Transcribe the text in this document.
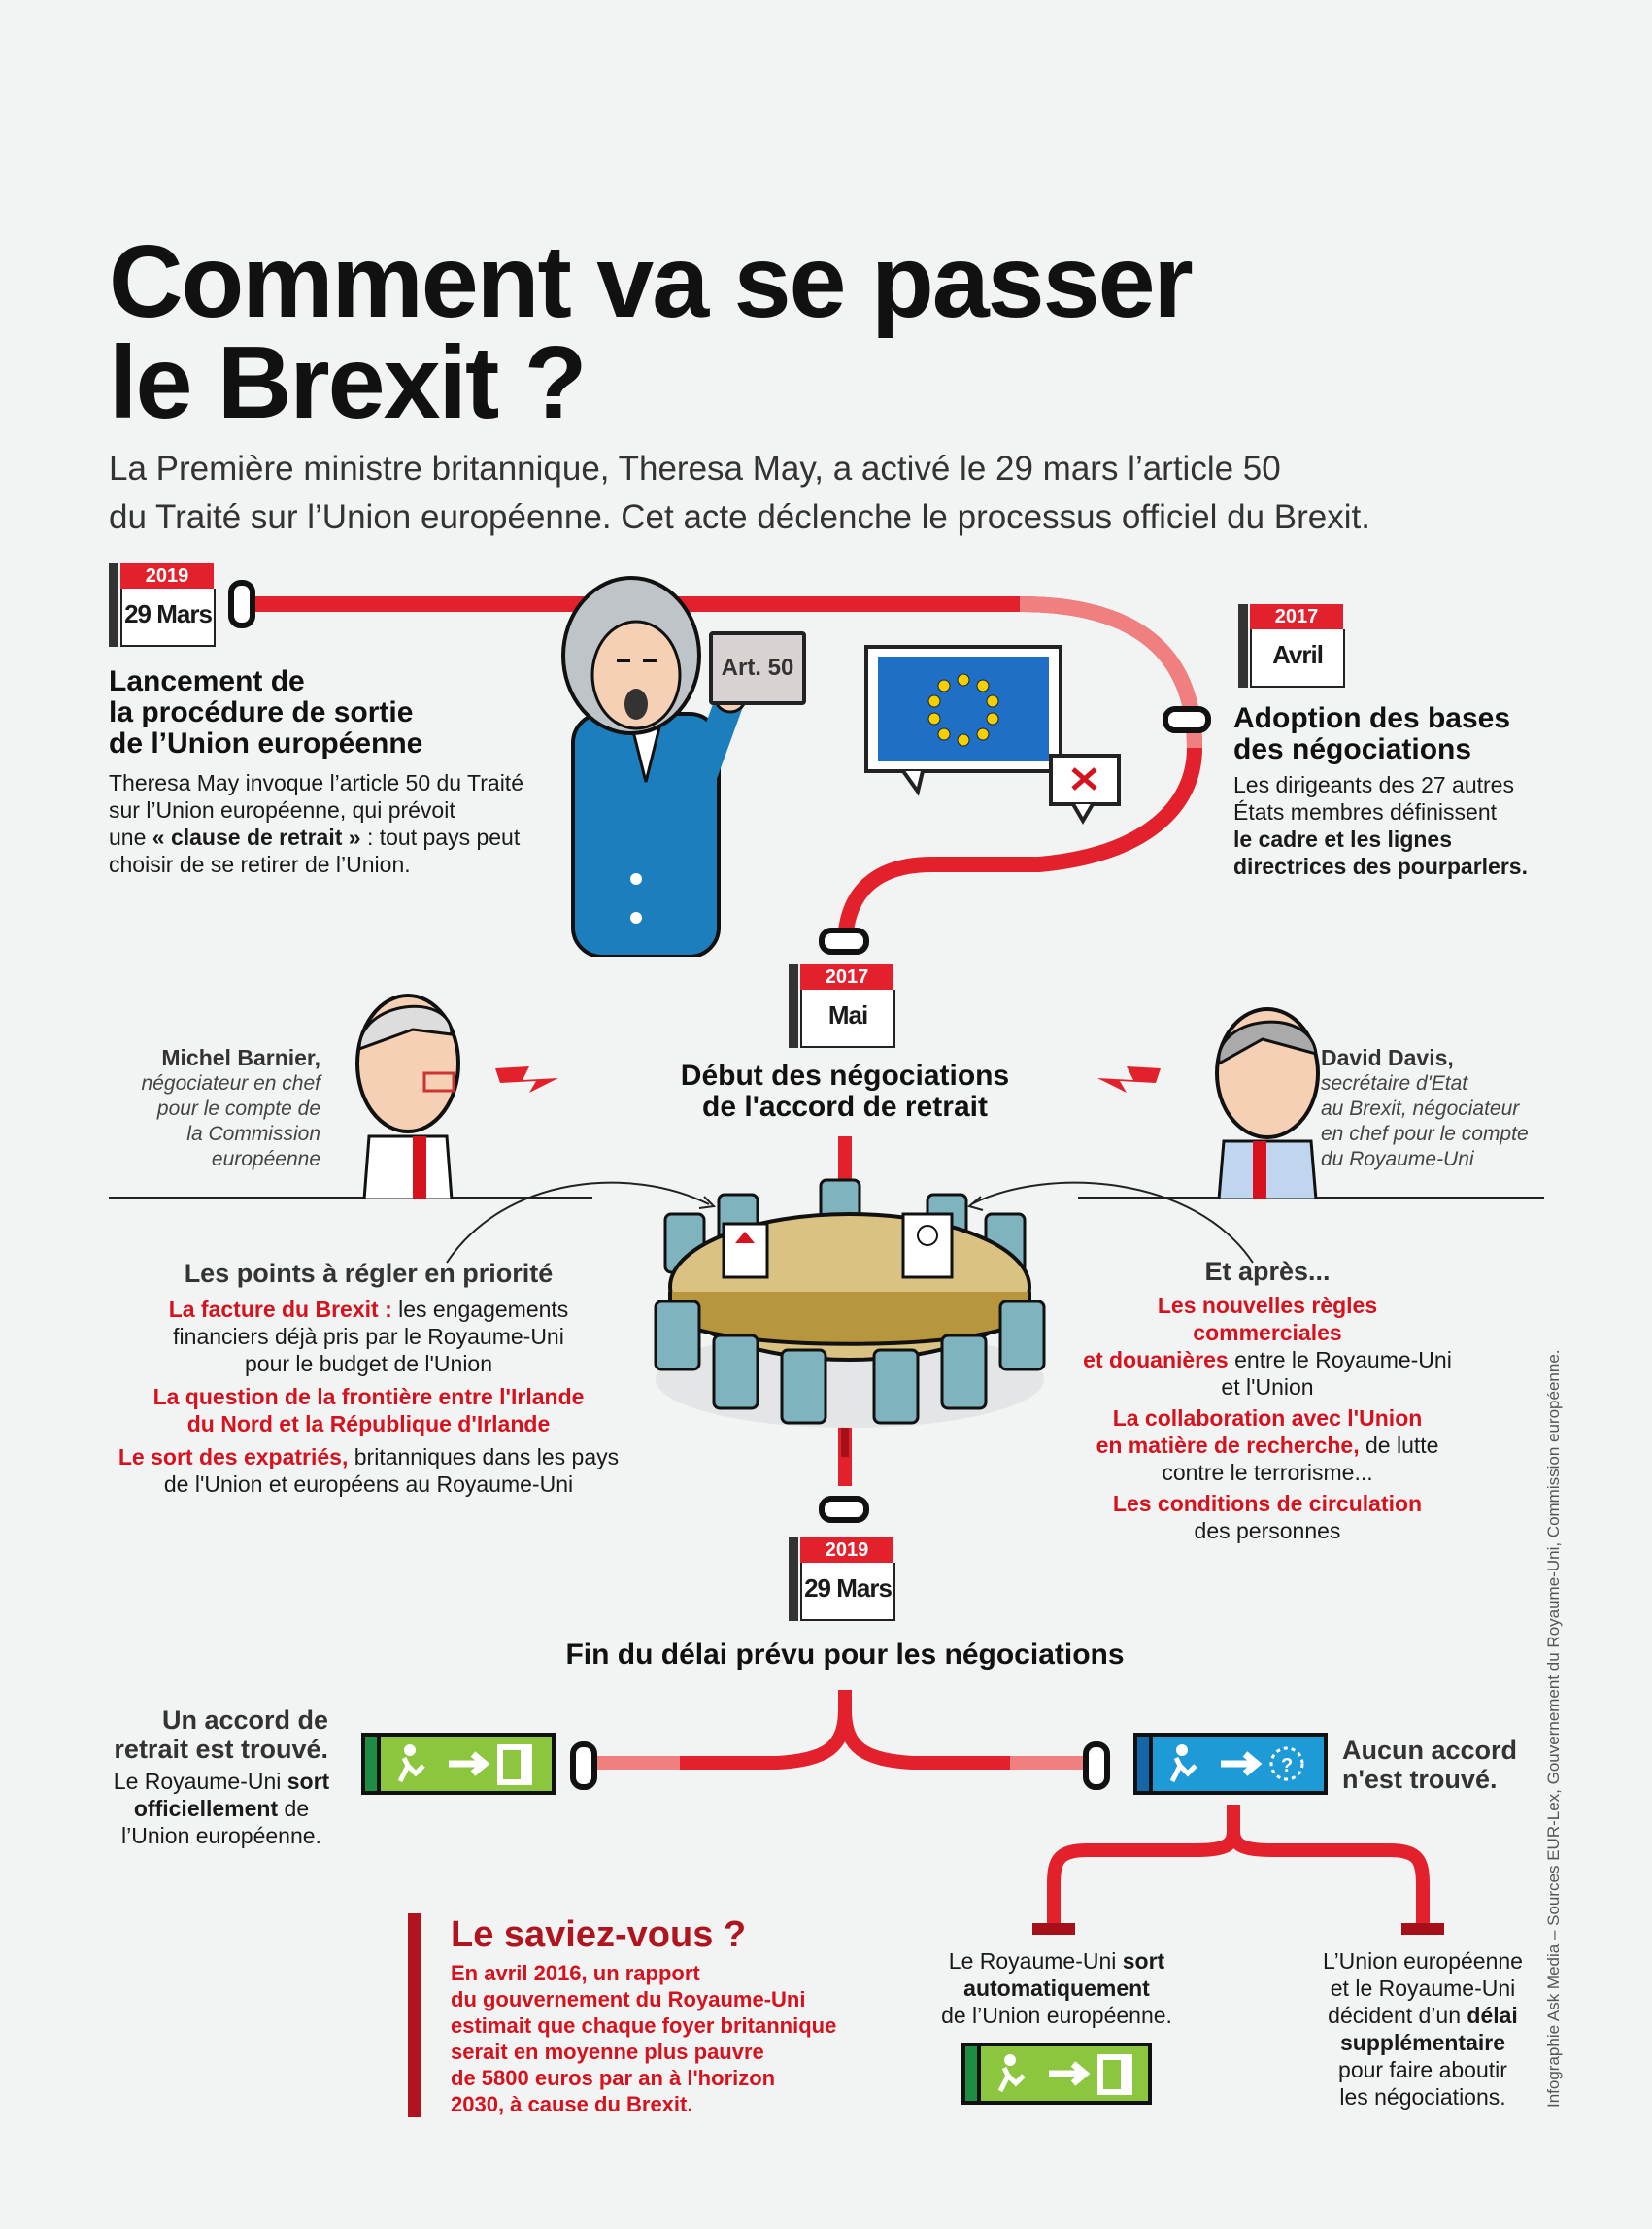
Comment va se passer
le Brexit ?
La Première ministre britannique, Theresa May, a activé le 29 mars l’article 50
du Traité sur l’Union européenne. Cet acte déclenche le processus officiel du Brexit.
2019
29 Mars
Lancement de
la procédure de sortie
de l’Union européenne
Theresa May invoque l’article 50 du Traité
sur l’Union européenne, qui prévoit
une « clause de retrait » : tout pays peut
choisir de se retirer de l’Union.
Art. 50
2017
Avril
Adoption des bases
des négociations
Les dirigeants des 27 autres
États membres définissent
le cadre et les lignes
directrices des pourparlers.
2017
Mai
Début des négociations
de l'accord de retrait
Michel Barnier,
négociateur en chef
pour le compte de
la Commission
européenne
David Davis,
secrétaire d'Etat
au Brexit, négociateur
en chef pour le compte
du Royaume-Uni
Les points à régler en priorité
La facture du Brexit : les engagements
financiers déjà pris par le Royaume-Uni
pour le budget de l'Union
La question de la frontière entre l'Irlande
du Nord et la République d'Irlande
Le sort des expatriés, britanniques dans les pays
de l'Union et européens au Royaume-Uni
Et après...
Les nouvelles règles commerciales
et douanières entre le Royaume-Uni
et l'Union
La collaboration avec l'Union
en matière de recherche, de lutte
contre le terrorisme...
Les conditions de circulation
des personnes
2019
29 Mars
Fin du délai prévu pour les négociations
Un accord de
retrait est trouvé.
Le Royaume-Uni sort
officiellement de
l’Union européenne.
?
Aucun accord
n'est trouvé.
Le Royaume-Uni sort
automatiquement
de l’Union européenne.
L’Union européenne
et le Royaume-Uni
décident d’un délai
supplémentaire
pour faire aboutir
les négociations.
Le saviez-vous ?
En avril 2016, un rapport
du gouvernement du Royaume-Uni
estimait que chaque foyer britannique
serait en moyenne plus pauvre
de 5800 euros par an à l'horizon
2030, à cause du Brexit.	Infographie Ask Media – Sources EUR-Lex, Gouvernement du Royaume-Uni, Commission européenne.
